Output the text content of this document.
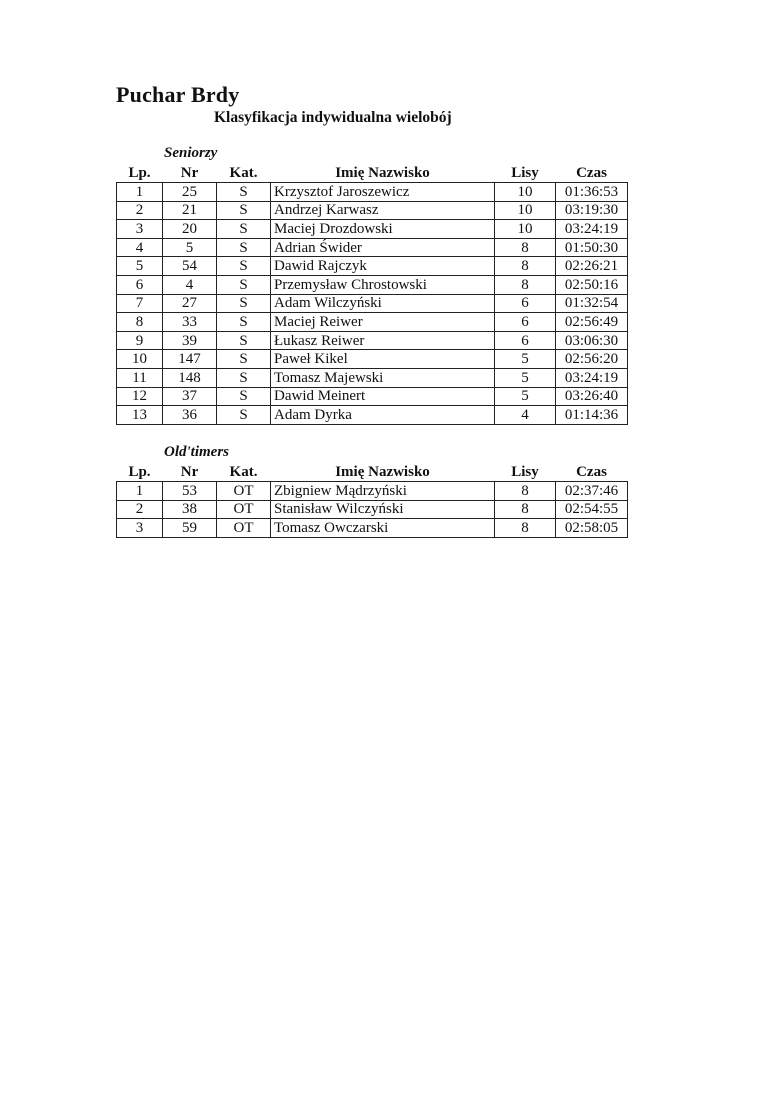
Puchar Brdy
Klasyfikacja indywidualna wielobój
Seniorzy
Lp.	Nr	Kat.	Imię Nazwisko	Lisy	Czas
1	25	S	Krzysztof Jaroszewicz	10	01:36:53
2	21	S	Andrzej Karwasz	10	03:19:30
3	20	S	Maciej Drozdowski	10	03:24:19
4	5	S	Adrian Świder	8	01:50:30
5	54	S	Dawid Rajczyk	8	02:26:21
6	4	S	Przemysław Chrostowski	8	02:50:16
7	27	S	Adam Wilczyński	6	01:32:54
8	33	S	Maciej Reiwer	6	02:56:49
9	39	S	Łukasz Reiwer	6	03:06:30
10	147	S	Paweł Kikel	5	02:56:20
11	148	S	Tomasz Majewski	5	03:24:19
12	37	S	Dawid Meinert	5	03:26:40
13	36	S	Adam Dyrka	4	01:14:36
Old'timers
Lp.	Nr	Kat.	Imię Nazwisko	Lisy	Czas
1	53	OT	Zbigniew Mądrzyński	8	02:37:46
2	38	OT	Stanisław Wilczyński	8	02:54:55
3	59	OT	Tomasz Owczarski	8	02:58:05
